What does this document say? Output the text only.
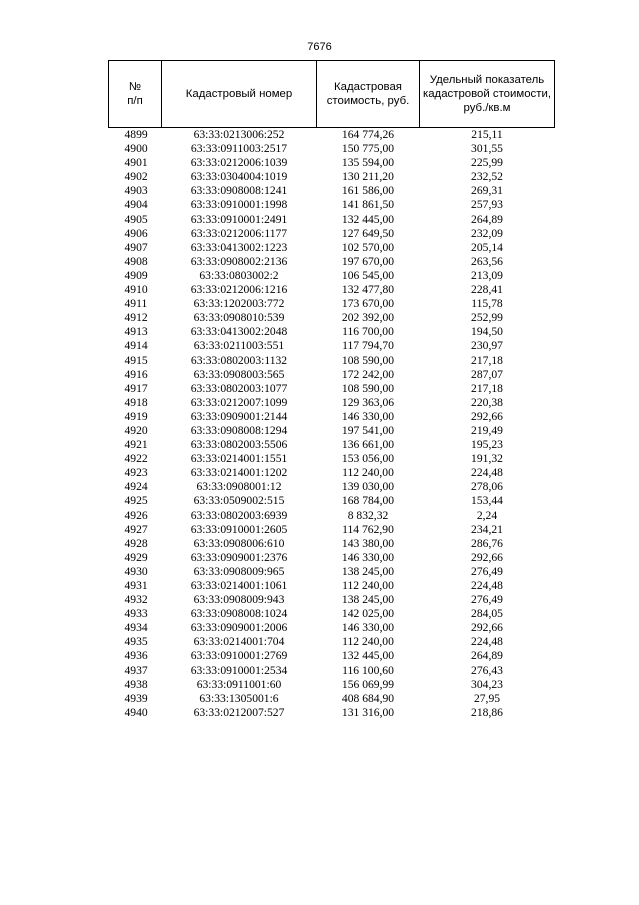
7676
№
п/п	Кадастровый номер	Кадастровая стоимость, руб.	Удельный показатель кадастровой стоимости, руб./кв.м
4899	63:33:0213006:252	164 774,26	215,11
4900	63:33:0911003:2517	150 775,00	301,55
4901	63:33:0212006:1039	135 594,00	225,99
4902	63:33:0304004:1019	130 211,20	232,52
4903	63:33:0908008:1241	161 586,00	269,31
4904	63:33:0910001:1998	141 861,50	257,93
4905	63:33:0910001:2491	132 445,00	264,89
4906	63:33:0212006:1177	127 649,50	232,09
4907	63:33:0413002:1223	102 570,00	205,14
4908	63:33:0908002:2136	197 670,00	263,56
4909	63:33:0803002:2	106 545,00	213,09
4910	63:33:0212006:1216	132 477,80	228,41
4911	63:33:1202003:772	173 670,00	115,78
4912	63:33:0908010:539	202 392,00	252,99
4913	63:33:0413002:2048	116 700,00	194,50
4914	63:33:0211003:551	117 794,70	230,97
4915	63:33:0802003:1132	108 590,00	217,18
4916	63:33:0908003:565	172 242,00	287,07
4917	63:33:0802003:1077	108 590,00	217,18
4918	63:33:0212007:1099	129 363,06	220,38
4919	63:33:0909001:2144	146 330,00	292,66
4920	63:33:0908008:1294	197 541,00	219,49
4921	63:33:0802003:5506	136 661,00	195,23
4922	63:33:0214001:1551	153 056,00	191,32
4923	63:33:0214001:1202	112 240,00	224,48
4924	63:33:0908001:12	139 030,00	278,06
4925	63:33:0509002:515	168 784,00	153,44
4926	63:33:0802003:6939	8 832,32	2,24
4927	63:33:0910001:2605	114 762,90	234,21
4928	63:33:0908006:610	143 380,00	286,76
4929	63:33:0909001:2376	146 330,00	292,66
4930	63:33:0908009:965	138 245,00	276,49
4931	63:33:0214001:1061	112 240,00	224,48
4932	63:33:0908009:943	138 245,00	276,49
4933	63:33:0908008:1024	142 025,00	284,05
4934	63:33:0909001:2006	146 330,00	292,66
4935	63:33:0214001:704	112 240,00	224,48
4936	63:33:0910001:2769	132 445,00	264,89
4937	63:33:0910001:2534	116 100,60	276,43
4938	63:33:0911001:60	156 069,99	304,23
4939	63:33:1305001:6	408 684,90	27,95
4940	63:33:0212007:527	131 316,00	218,86
